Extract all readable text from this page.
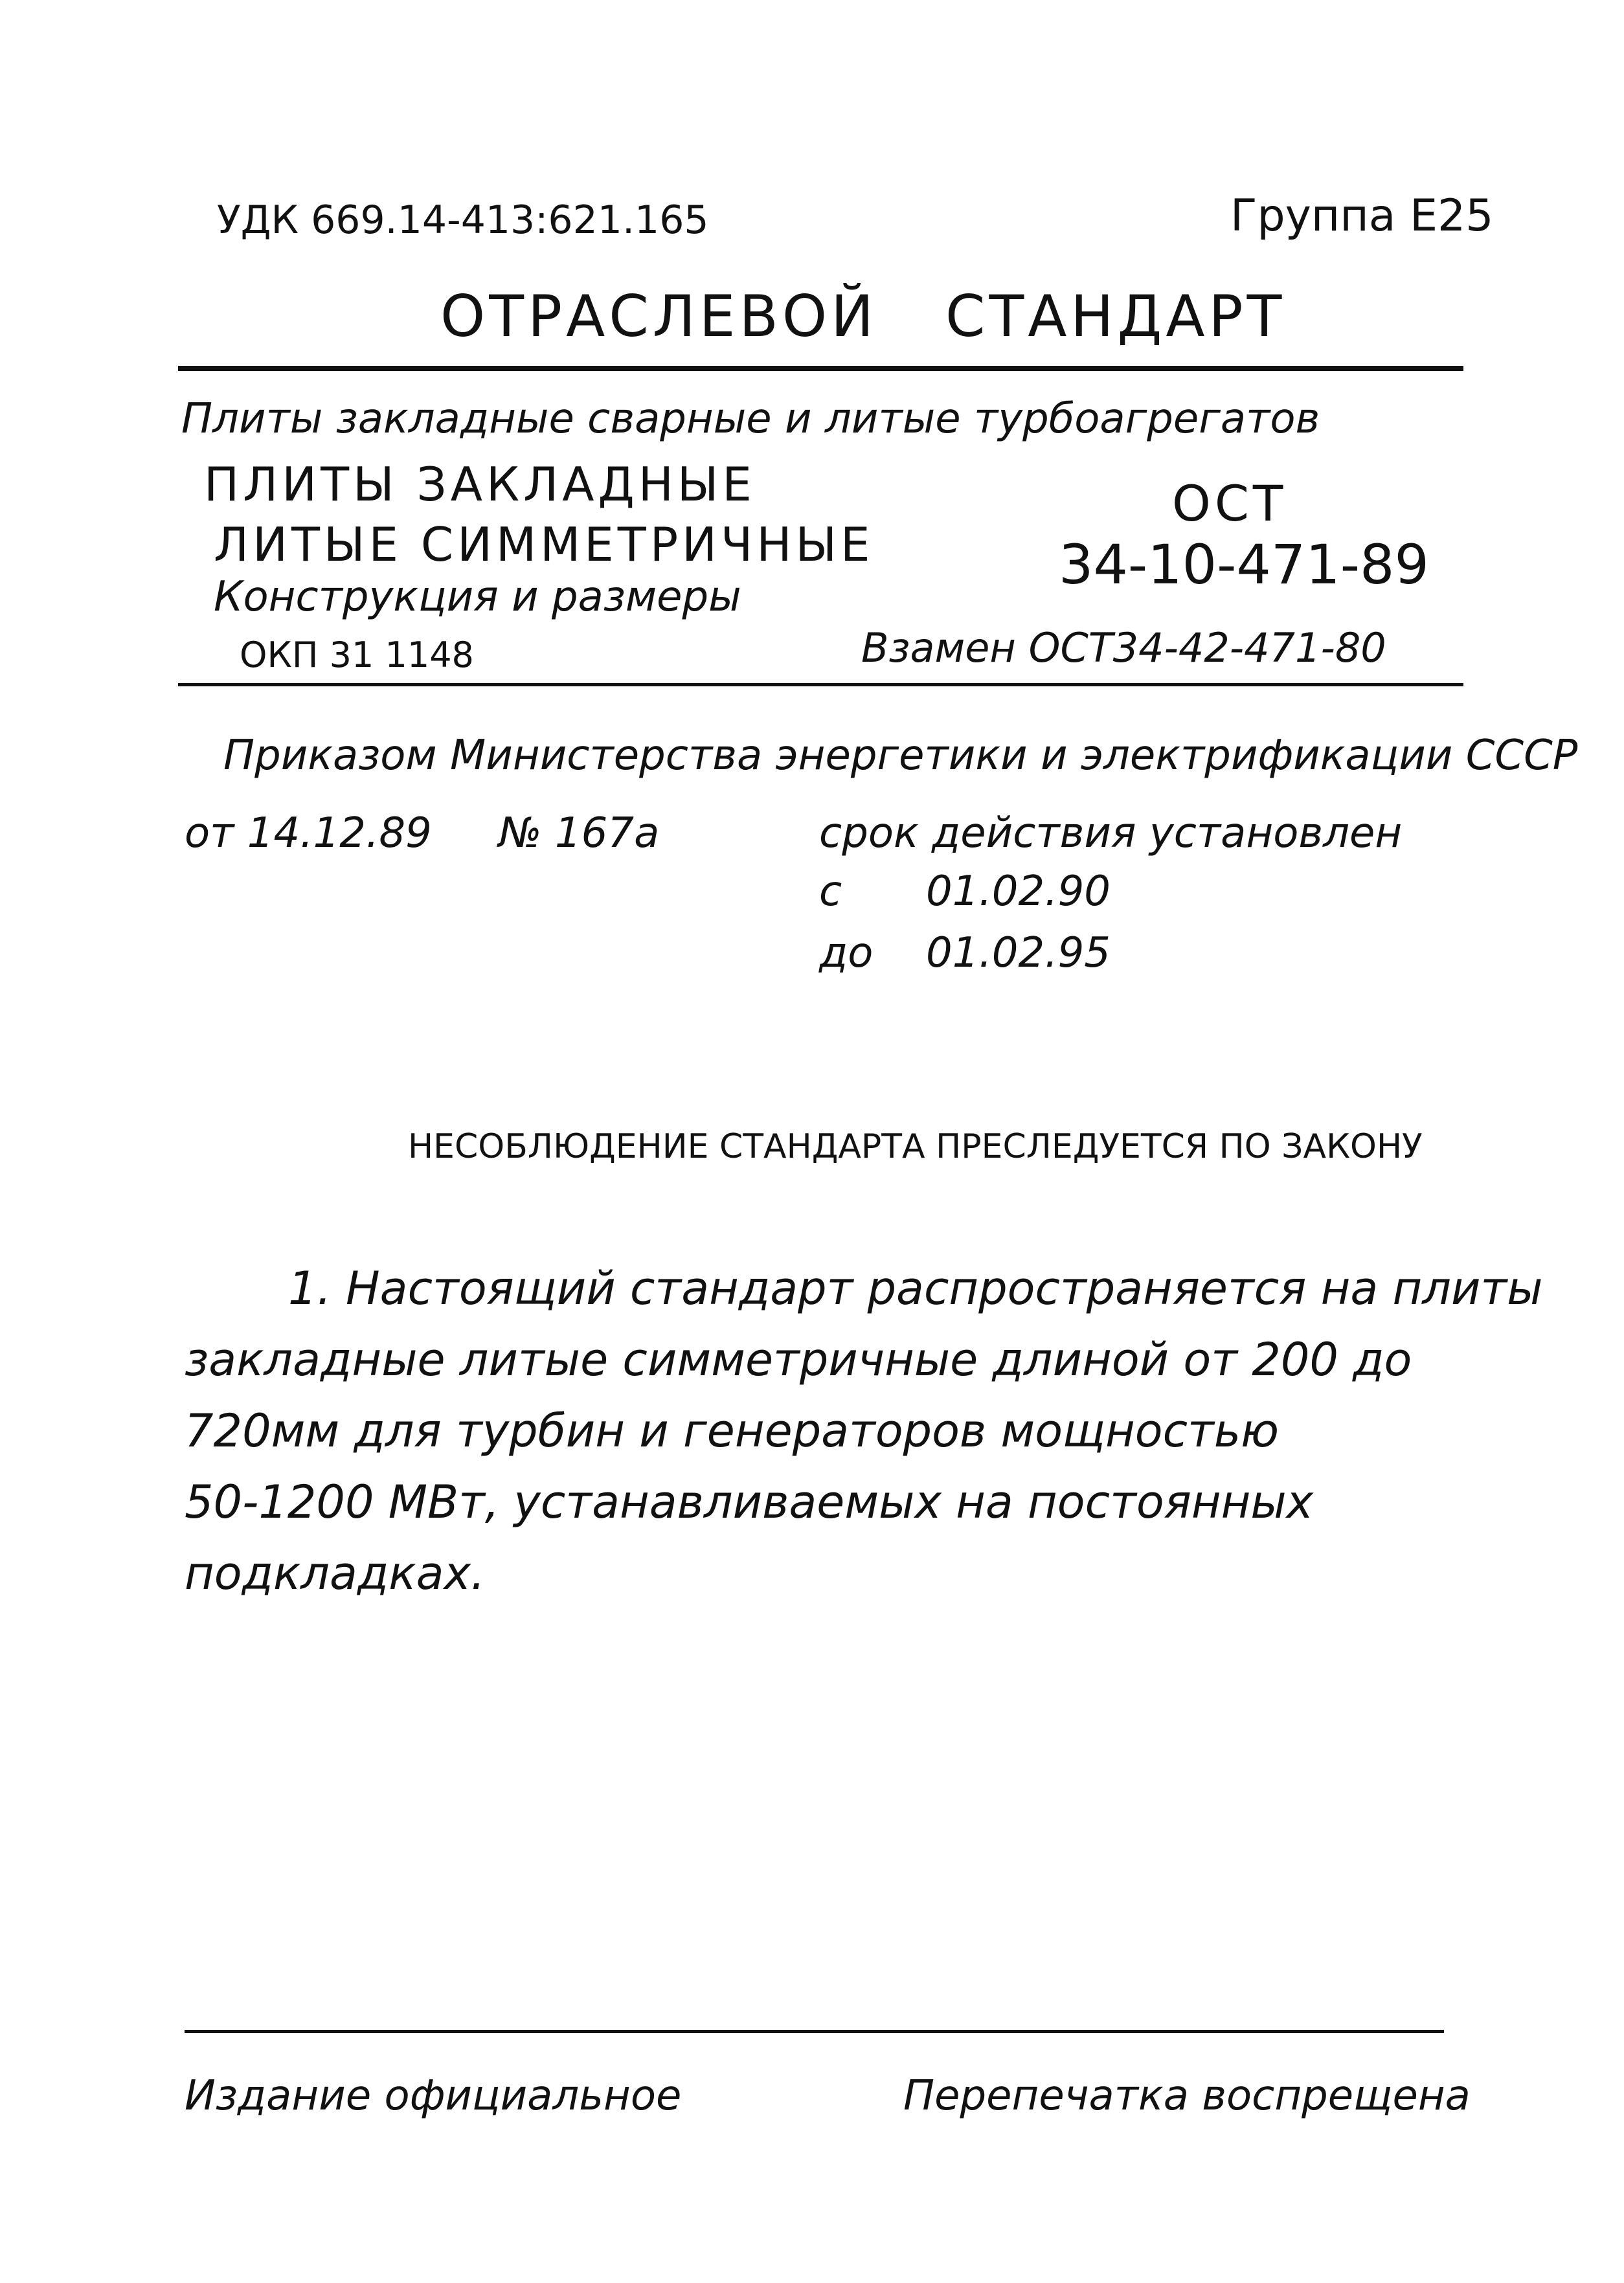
УДК 669.14-413:621.165	Группа Е25
ОТРАСЛЕВОЙ СТАНДАРТ
Плиты закладные сварные и литые турбоагрегатов
ПЛИТЫ ЗАКЛАДНЫЕ
ЛИТЫЕ СИММЕТРИЧНЫЕ
Конструкция и размеры
ОКП 31 1148
ОСТ
34-10-471-89
Взамен ОСТ34-42-471-80
Приказом Министерства энергетики и электрификации СССР
от 14.12.89 № 167а	срок действия установлен
с 01.02.90
до 01.02.95
НЕСОБЛЮДЕНИЕ СТАНДАРТА ПРЕСЛЕДУЕТСЯ ПО ЗАКОНУ
1. Настоящий стандарт распространяется на плиты
закладные литые симметричные длиной от 200 до
720мм для турбин и генераторов мощностью
50-1200 МВт, устанавливаемых на постоянных
подкладках.
Издание официальное	Перепечатка воспрещена
